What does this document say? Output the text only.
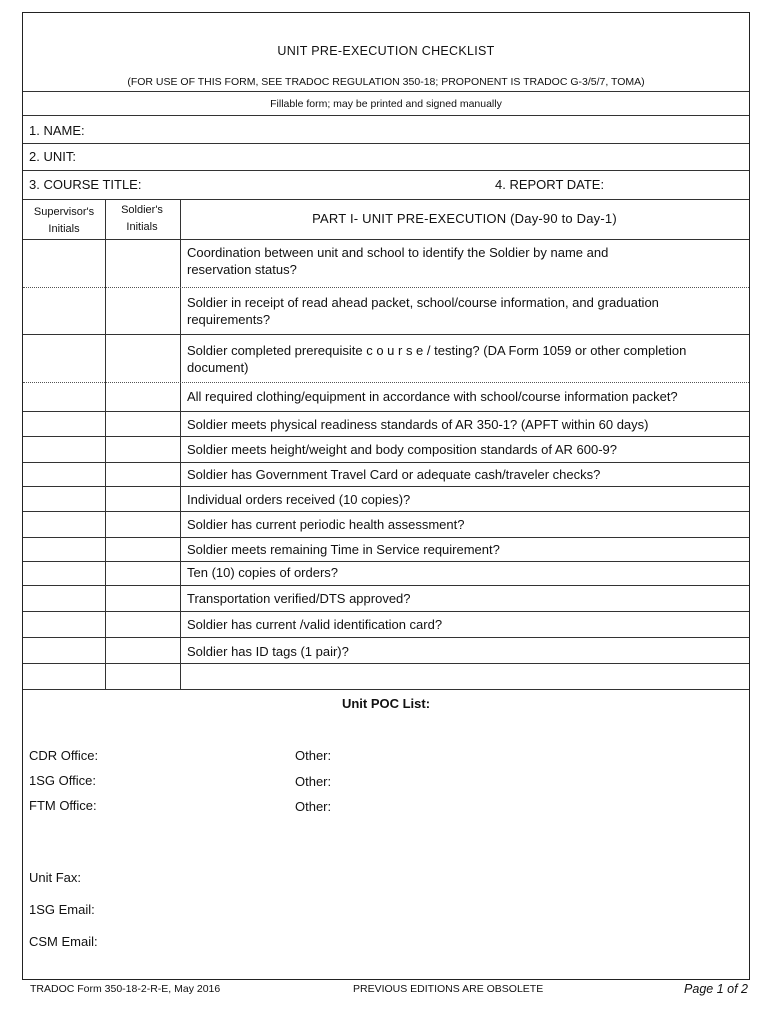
UNIT PRE-EXECUTION CHECKLIST
(FOR USE OF THIS FORM, SEE TRADOC REGULATION 350-18; PROPONENT IS TRADOC G-3/5/7, TOMA)
Fillable form; may be printed and signed manually
1. NAME:
2. UNIT:
3. COURSE TITLE:	4. REPORT DATE:
Supervisor's Initials
Soldier's Initials
PART I- UNIT PRE-EXECUTION (Day-90 to Day-1)
Coordination between unit and school to identify the Soldier by name and reservation status?
Soldier in receipt of read ahead packet, school/course information, and graduation requirements?
Soldier completed prerequisite c o u r s e / testing? (DA Form 1059 or other completion document)
All required clothing/equipment in accordance with school/course information packet?
Soldier meets physical readiness standards of AR 350-1? (APFT within 60 days)
Soldier meets height/weight and body composition standards of AR 600-9?
Soldier has Government Travel Card or adequate cash/traveler checks?
Individual orders received (10 copies)?
Soldier has current periodic health assessment?
Soldier meets remaining Time in Service requirement?
Ten (10) copies of orders?
Transportation verified/DTS approved?
Soldier has current /valid identification card?
Soldier has ID tags (1 pair)?
Unit POC List:
CDR Office:	Other:
1SG Office:	Other:
FTM Office:	Other:
Unit Fax:
1SG Email:
CSM Email:
TRADOC Form 350-18-2-R-E, May 2016	PREVIOUS EDITIONS ARE OBSOLETE	Page 1 of 2
